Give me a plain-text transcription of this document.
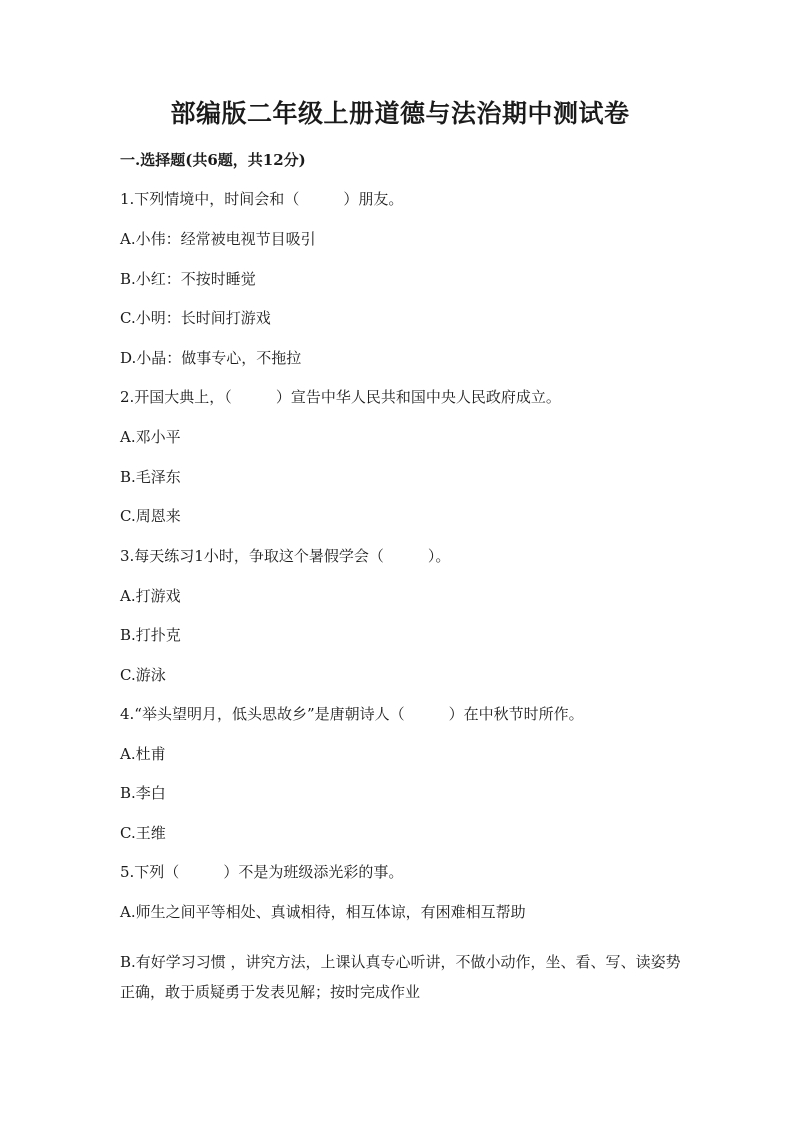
部编版二年级上册道德与法治期中测试卷
一.选择题(共6题，共12分)
1.下列情境中，时间会和（	）朋友。
A.小伟：经常被电视节目吸引
B.小红：不按时睡觉
C.小明：长时间打游戏
D.小晶：做事专心，不拖拉
2.开国大典上，（	）宣告中华人民共和国中央人民政府成立。
A.邓小平
B.毛泽东
C.周恩来
3.每天练习1小时，争取这个暑假学会（	）。
A.打游戏
B.打扑克
C.游泳
4.“举头望明月，低头思故乡”是唐朝诗人（	）在中秋节时所作。
A.杜甫
B.李白
C.王维
5.下列（	）不是为班级添光彩的事。
A.师生之间平等相处、真诚相待，相互体谅，有困难相互帮助
B.有好学习习惯 ，讲究方法，上课认真专心听讲，不做小动作，坐、看、写、读姿势正确，敢于质疑勇于发表见解；按时完成作业
